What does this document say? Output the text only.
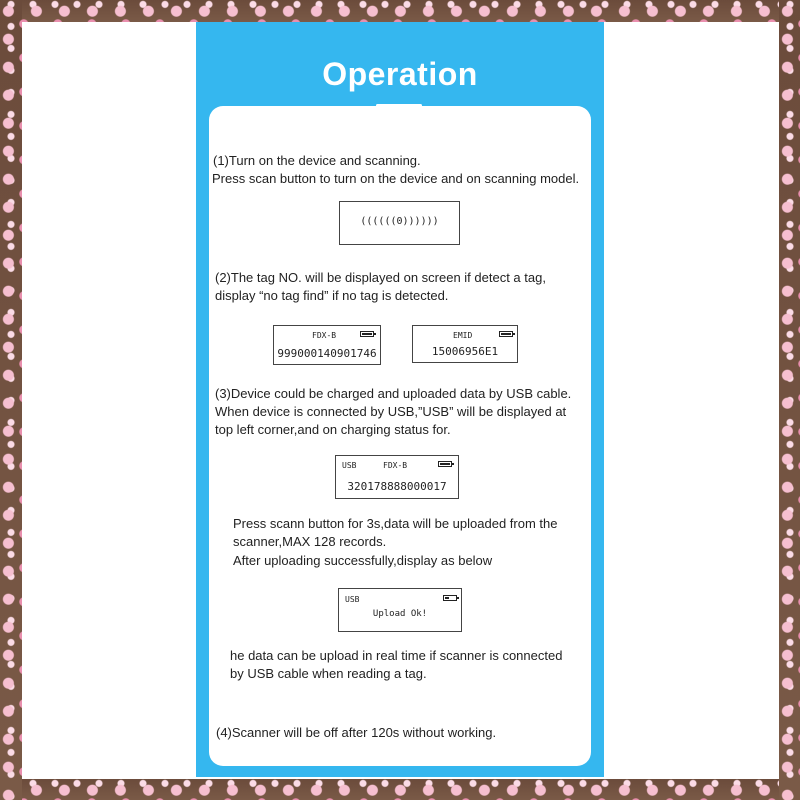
Operation
(1)Turn on the device and scanning.
Press scan button to turn on the device and on scanning model.
((((((0))))))
(2)The tag NO. will be displayed on screen if detect a tag,
display “no tag find” if no tag is detected.
FDX-B
999000140901746
EMID
15006956E1
(3)Device could be charged and uploaded data by USB cable.
When device is connected by USB,”USB” will be displayed at
top left corner,and on charging status for.
USB	FDX-B
320178888000017
Press scann button for 3s,data will be uploaded from the
scanner,MAX 128 records.
After uploading successfully,display as below
USB
Upload Ok!
he data can be upload in real time if scanner is connected
by USB cable when reading a tag.
(4)Scanner will be off after 120s without working.
